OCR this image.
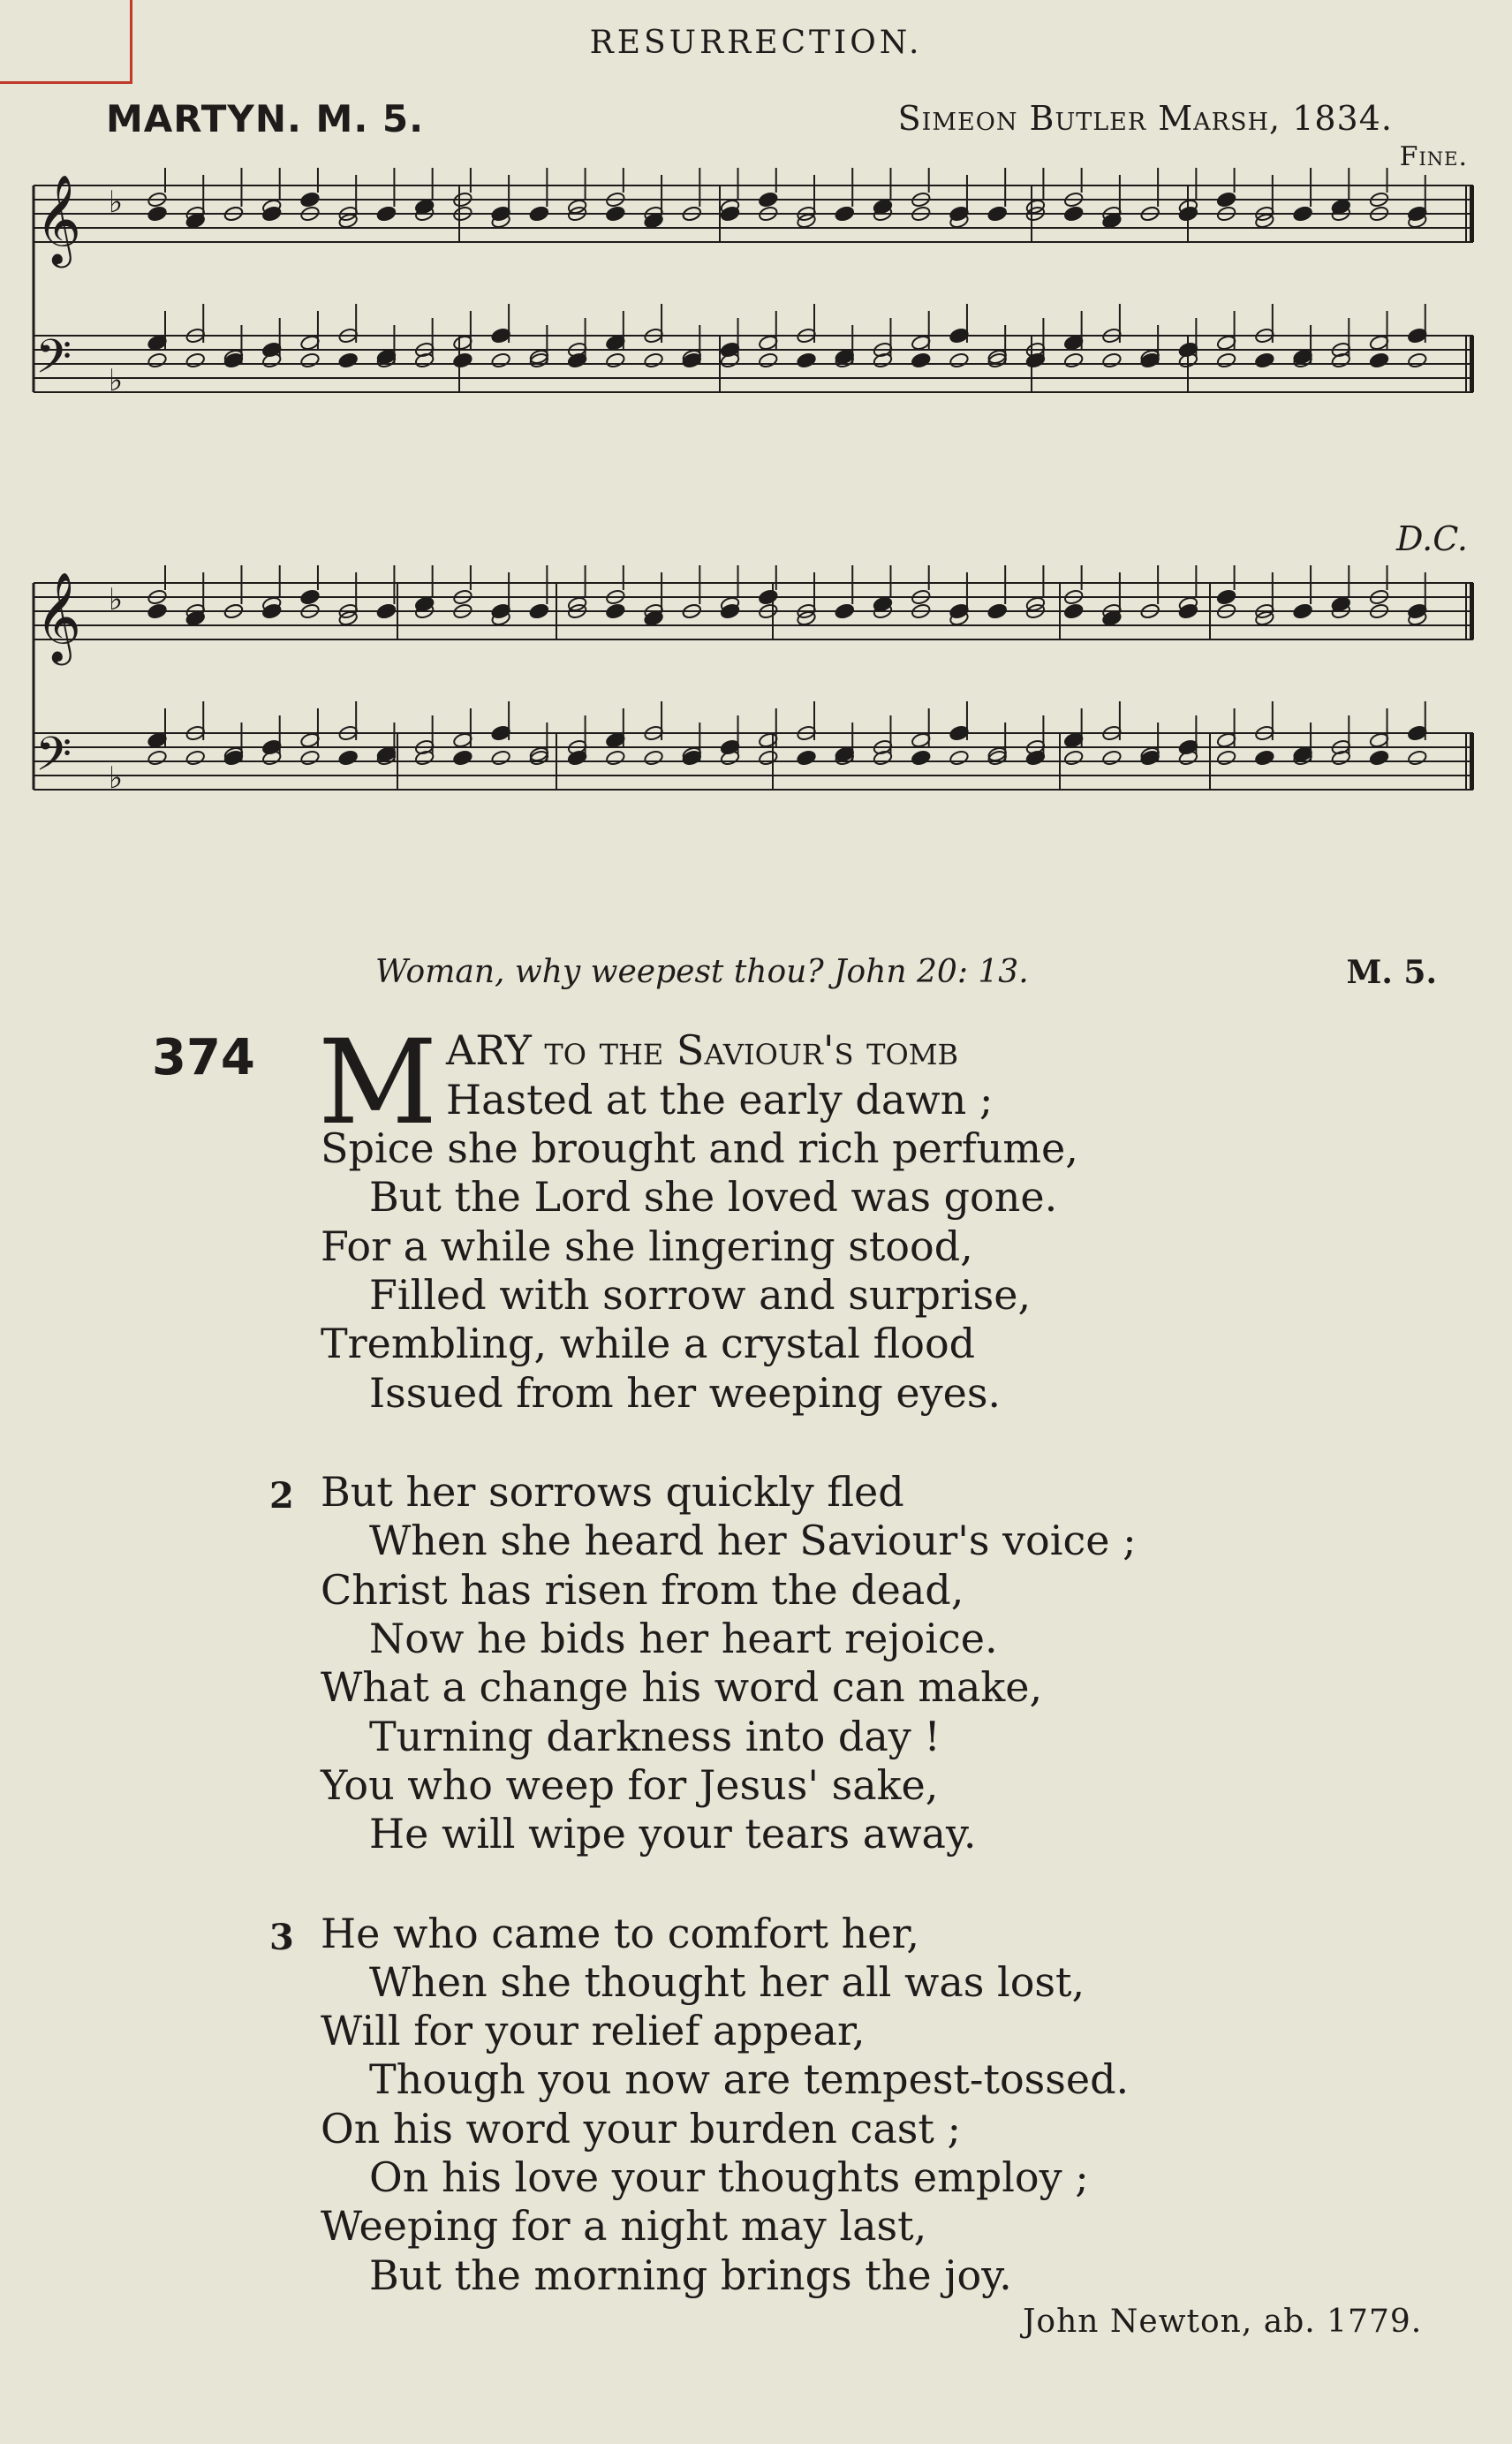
RESURRECTION.
MARTYN. M. 5.	Simeon Butler Marsh, 1834.
Fine.
𝄞 ♭
𝄢 ♭
D.C.
𝄞 ♭
𝄢 ♭
Woman, why weepest thou? John 20: 13.	M. 5.
374 M ARY to the Saviour's tomb
Hasted at the early dawn ;
Spice she brought and rich perfume,
But the Lord she loved was gone.
For a while she lingering stood,
Filled with sorrow and surprise,
Trembling, while a crystal flood
Issued from her weeping eyes.
2 But her sorrows quickly fled
When she heard her Saviour's voice ;
Christ has risen from the dead,
Now he bids her heart rejoice.
What a change his word can make,
Turning darkness into day !
You who weep for Jesus' sake,
He will wipe your tears away.
3 He who came to comfort her,
When she thought her all was lost,
Will for your relief appear,
Though you now are tempest-tossed.
On his word your burden cast ;
On his love your thoughts employ ;
Weeping for a night may last,
But the morning brings the joy.
John Newton, ab. 1779.
